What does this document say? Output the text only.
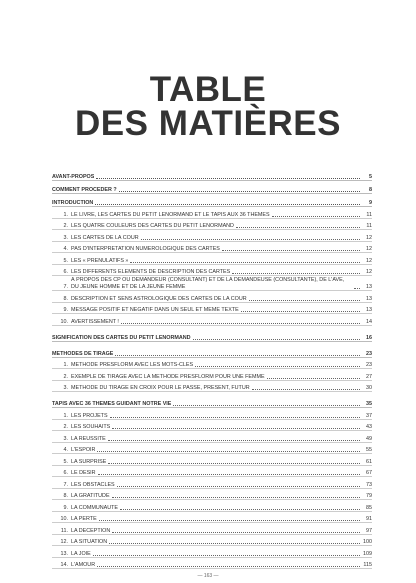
TABLE
DES MATIÈRES
AVANT-PROPOS	5
COMMENT PROCÉDER ?	8
INTRODUCTION	9
1. LE LIVRE, LES CARTES DU PETIT LENORMAND ET LE TAPIS AUX 36 THÈMES	11
2. LES QUATRE COULEURS DES CARTES DU PETIT LENORMAND	11
3. LES CARTES DE LA COUR	12
4. PAS D'INTERPRÉTATION NUMÉROLOGIQUE DES CARTES	12
5. LES « PRÉNULATIFS »	12
6. LES DIFFÉRENTS ÉLÉMENTS DE DESCRIPTION DES CARTES	12
7.
À PROPOS DES CP OU DEMANDEUR (CONSULTANT) ET DE LA DEMANDEUSE (CONSULTANTE), DE L'AVE, DU JEUNE HOMME ET DE LA JEUNE FEMME	13
8. DESCRIPTION ET SENS ASTROLOGIQUE DES CARTES DE LA COUR	13
9. MESSAGE POSITIF ET NÉGATIF DANS UN SEUL ET MÊME TEXTE	13
10. AVERTISSEMENT !	14
SIGNIFICATION DES CARTES DU PETIT LENORMAND	16
MÉTHODES DE TIRAGE	23
1. MÉTHODE PRÉSFLORM AVEC LES MOTS-CLÉS	23
2. EXEMPLE DE TIRAGE AVEC LA MÉTHODE PRÉSFLORM POUR UNE FEMME	27
3. MÉTHODE DU TIRAGE EN CROIX POUR LE PASSÉ, PRÉSENT, FUTUR	30
TAPIS AVEC 36 THÈMES GUIDANT NOTRE VIE	35
1. LES PROJETS	37
2. LES SOUHAITS	43
3. LA RÉUSSITE	49
4. L'ESPOIR	55
5. LA SURPRISE	61
6. LE DÉSIR	67
7. LES OBSTACLES	73
8. LA GRATITUDE	79
9. LA COMMUNAUTÉ	85
10. LA PERTE	91
11. LA DÉCEPTION	97
12. LA SITUATION	100
13. LA JOIE	109
14. L'AMOUR	115
— 163 —
